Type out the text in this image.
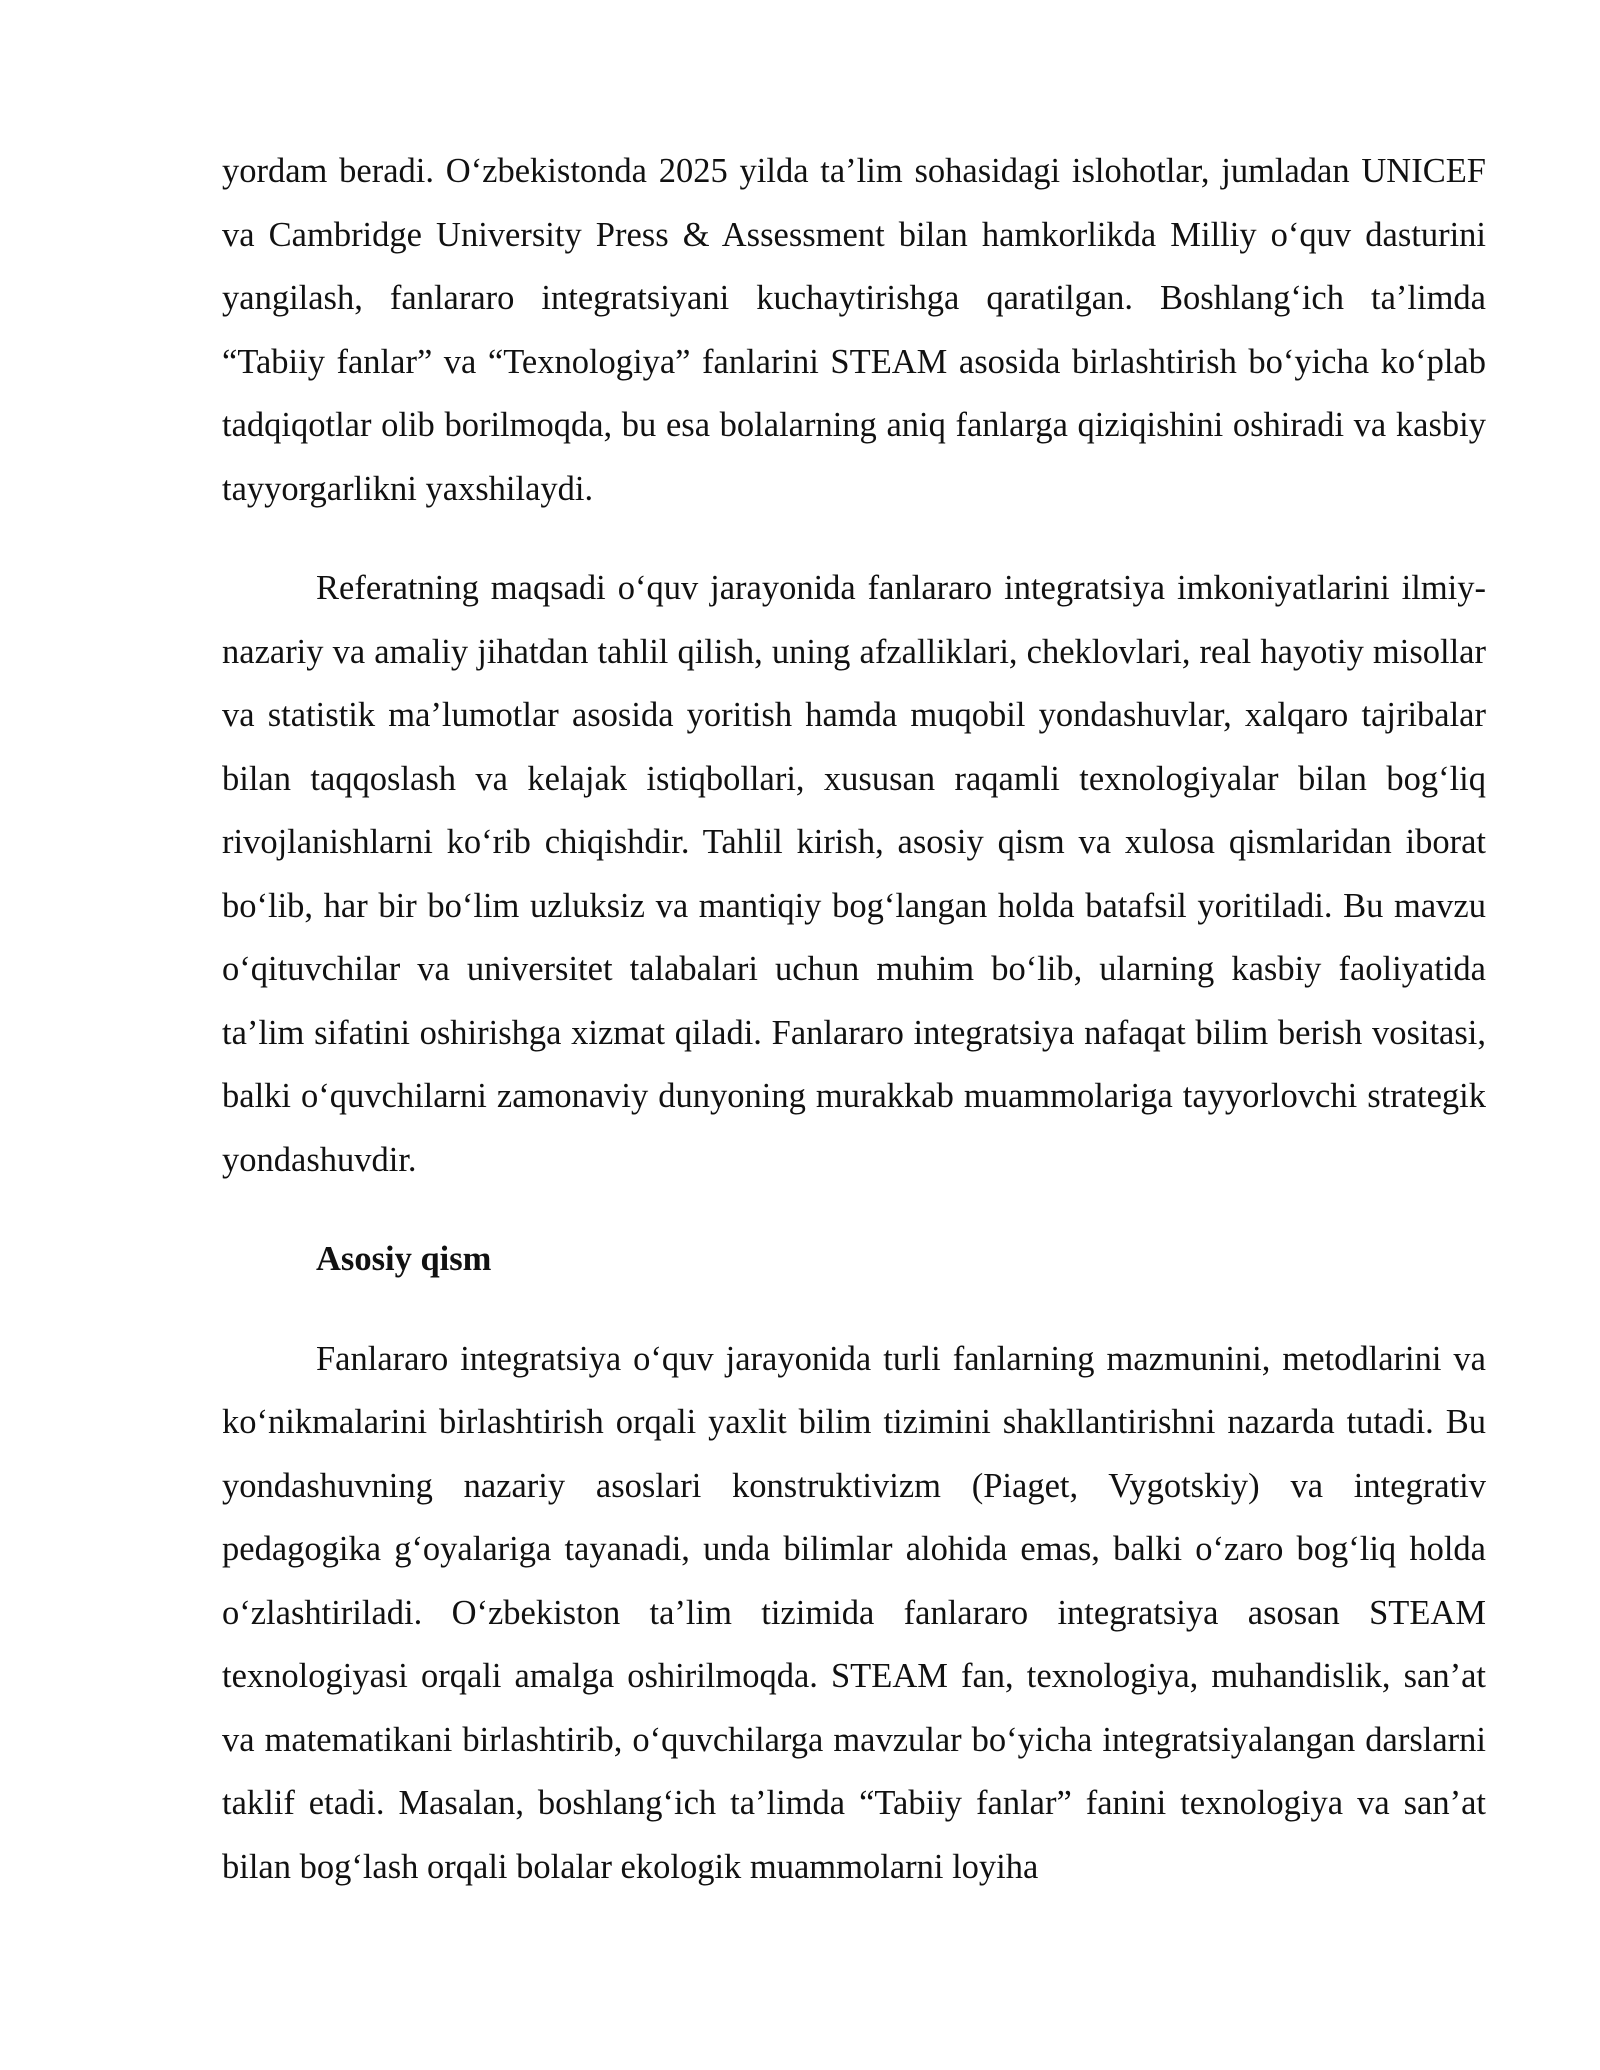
yordam beradi. O‘zbekistonda 2025 yilda ta’lim sohasidagi islohotlar, jumladan UNICEF va Cambridge University Press & Assessment bilan hamkorlikda Milliy o‘quv dasturini yangilash, fanlararo integratsiyani kuchaytirishga qaratilgan. Boshlang‘ich ta’limda “Tabiiy fanlar” va “Texnologiya” fanlarini STEAM asosida birlashtirish bo‘yicha ko‘plab tadqiqotlar olib borilmoqda, bu esa bolalarning aniq fanlarga qiziqishini oshiradi va kasbiy tayyorgarlikni yaxshilaydi.

Referatning maqsadi o‘quv jarayonida fanlararo integratsiya imkoniyatlarini ilmiy-nazariy va amaliy jihatdan tahlil qilish, uning afzalliklari, cheklovlari, real hayotiy misollar va statistik ma’lumotlar asosida yoritish hamda muqobil yondashuvlar, xalqaro tajribalar bilan taqqoslash va kelajak istiqbollari, xususan raqamli texnologiyalar bilan bog‘liq rivojlanishlarni ko‘rib chiqishdir. Tahlil kirish, asosiy qism va xulosa qismlaridan iborat bo‘lib, har bir bo‘lim uzluksiz va mantiqiy bog‘langan holda batafsil yoritiladi. Bu mavzu o‘qituvchilar va universitet talabalari uchun muhim bo‘lib, ularning kasbiy faoliyatida ta’lim sifatini oshirishga xizmat qiladi. Fanlararo integratsiya nafaqat bilim berish vositasi, balki o‘quvchilarni zamonaviy dunyoning murakkab muammolariga tayyorlovchi strategik yondashuvdir.

Asosiy qism

Fanlararo integratsiya o‘quv jarayonida turli fanlarning mazmunini, metodlarini va ko‘nikmalarini birlashtirish orqali yaxlit bilim tizimini shakllantirishni nazarda tutadi. Bu yondashuvning nazariy asoslari konstruktivizm (Piaget, Vygotskiy) va integrativ pedagogika g‘oyalariga tayanadi, unda bilimlar alohida emas, balki o‘zaro bog‘liq holda o‘zlashtiriladi. O‘zbekiston ta’lim tizimida fanlararo integratsiya asosan STEAM texnologiyasi orqali amalga oshirilmoqda. STEAM fan, texnologiya, muhandislik, san’at va matematikani birlashtirib, o‘quvchilarga mavzular bo‘yicha integratsiyalangan darslarni taklif etadi. Masalan, boshlang‘ich ta’limda “Tabiiy fanlar” fanini texnologiya va san’at bilan bog‘lash orqali bolalar ekologik muammolarni loyiha
